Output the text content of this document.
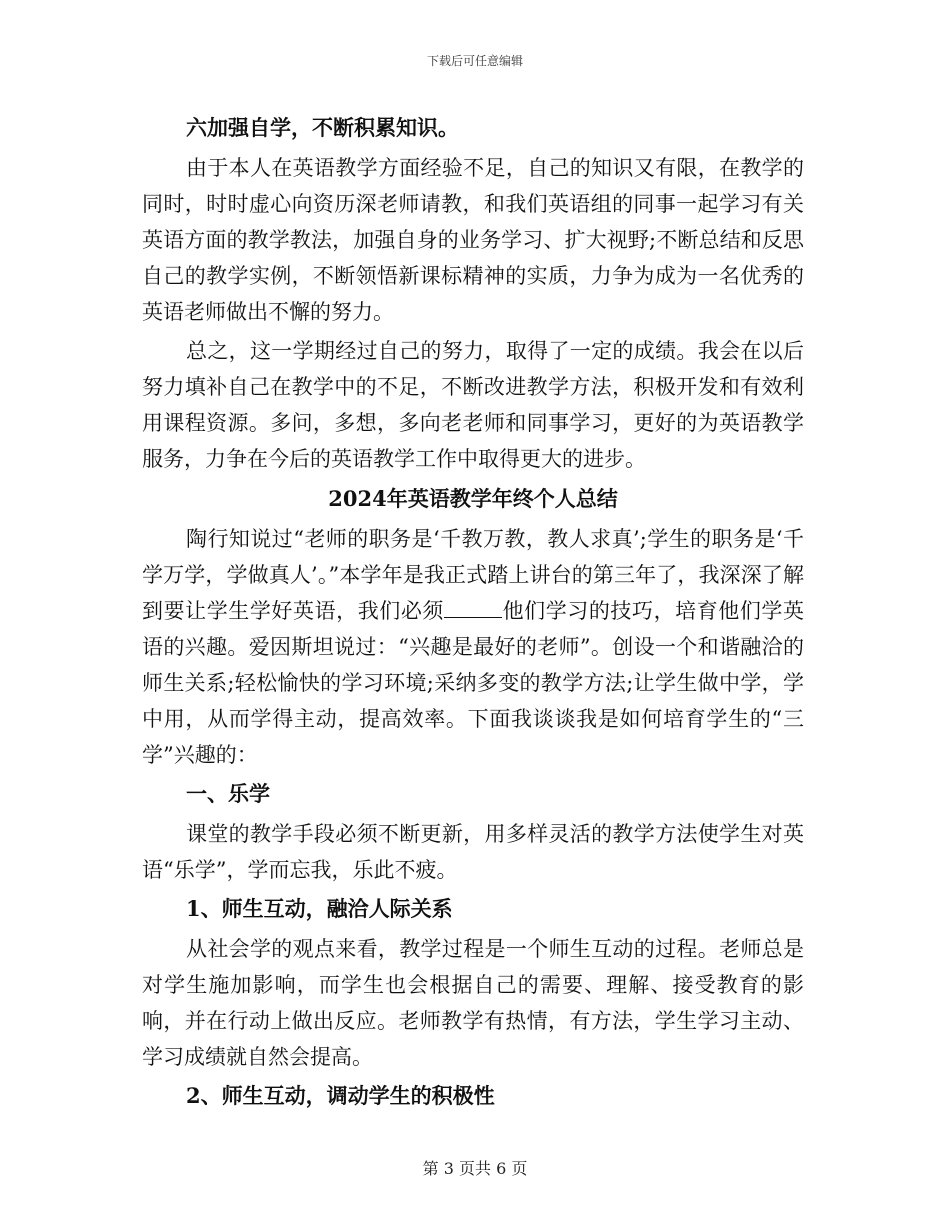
下载后可任意编辑
六加强自学，不断积累知识。

由于本人在英语教学方面经验不足，自己的知识又有限，在教学的同时，时时虚心向资历深老师请教，和我们英语组的同事一起学习有关英语方面的教学教法，加强自身的业务学习、扩大视野;不断总结和反思自己的教学实例，不断领悟新课标精神的实质，力争为成为一名优秀的英语老师做出不懈的努力。

总之，这一学期经过自己的努力，取得了一定的成绩。我会在以后努力填补自己在教学中的不足，不断改进教学方法，积极开发和有效利用课程资源。多问，多想，多向老老师和同事学习，更好的为英语教学服务，力争在今后的英语教学工作中取得更大的进步。

2024年英语教学年终个人总结

陶行知说过“老师的职务是‘千教万教，教人求真’;学生的职务是‘千学万学，学做真人’。”本学年是我正式踏上讲台的第三年了，我深深了解到要让学生学好英语，我们必须	他们学习的技巧，培育他们学英语的兴趣。爱因斯坦说过：“兴趣是最好的老师”。创设一个和谐融洽的师生关系;轻松愉快的学习环境;采纳多变的教学方法;让学生做中学，学中用，从而学得主动，提高效率。下面我谈谈我是如何培育学生的“三学”兴趣的：

一、乐学

课堂的教学手段必须不断更新，用多样灵活的教学方法使学生对英语“乐学”，学而忘我，乐此不疲。

1、师生互动，融洽人际关系

从社会学的观点来看，教学过程是一个师生互动的过程。老师总是对学生施加影响，而学生也会根据自己的需要、理解、接受教育的影响，并在行动上做出反应。老师教学有热情，有方法，学生学习主动、学习成绩就自然会提高。

2、师生互动，调动学生的积极性
第 3 页共 6 页
